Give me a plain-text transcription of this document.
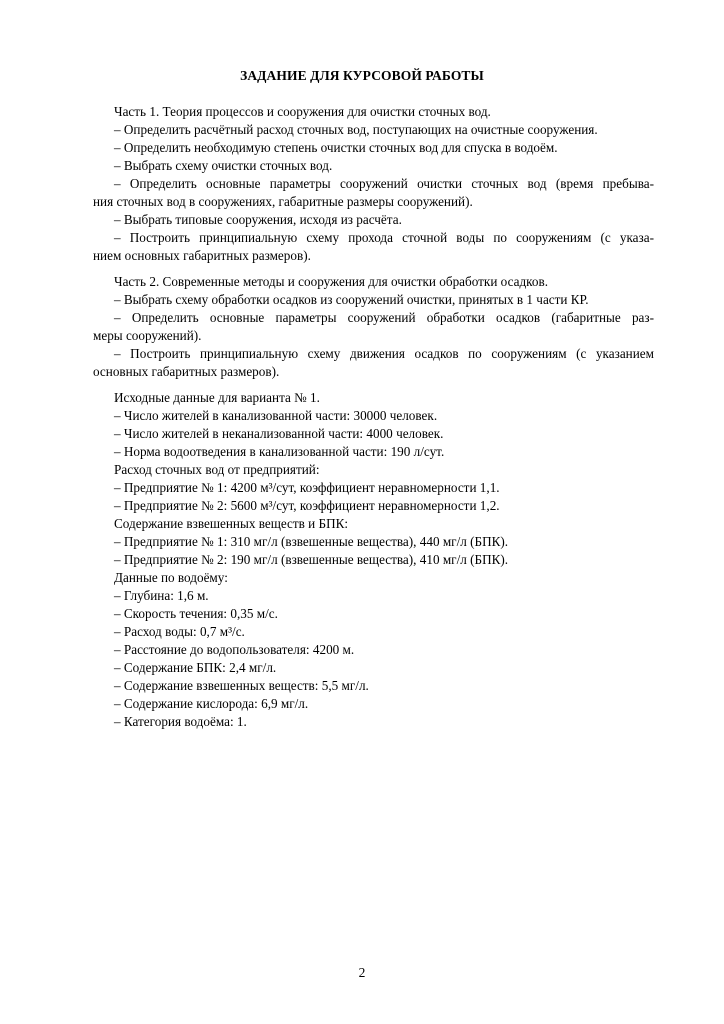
ЗАДАНИЕ ДЛЯ КУРСОВОЙ РАБОТЫ
Часть 1. Теория процессов и сооружения для очистки сточных вод.
– Определить расчётный расход сточных вод, поступающих на очистные сооружения.
– Определить необходимую степень очистки сточных вод для спуска в водоём.
– Выбрать схему очистки сточных вод.
– Определить основные параметры сооружений очистки сточных вод (время пребыва-
ния сточных вод в сооружениях, габаритные размеры сооружений).
– Выбрать типовые сооружения, исходя из расчёта.
– Построить принципиальную схему прохода сточной воды по сооружениям (с указа-
нием основных габаритных размеров).
Часть 2. Современные методы и сооружения для очистки обработки осадков.
– Выбрать схему обработки осадков из сооружений очистки, принятых в 1 части КР.
– Определить основные параметры сооружений обработки осадков (габаритные раз-
меры сооружений).
– Построить принципиальную схему движения осадков по сооружениям (с указанием
основных габаритных размеров).
Исходные данные для варианта № 1.
– Число жителей в канализованной части: 30000 человек.
– Число жителей в неканализованной части: 4000 человек.
– Норма водоотведения в канализованной части: 190 л/сут.
Расход сточных вод от предприятий:
– Предприятие № 1: 4200 м³/сут, коэффициент неравномерности 1,1.
– Предприятие № 2: 5600 м³/сут, коэффициент неравномерности 1,2.
Содержание взвешенных веществ и БПК:
– Предприятие № 1: 310 мг/л (взвешенные вещества), 440 мг/л (БПК).
– Предприятие № 2: 190 мг/л (взвешенные вещества), 410 мг/л (БПК).
Данные по водоёму:
– Глубина: 1,6 м.
– Скорость течения: 0,35 м/с.
– Расход воды: 0,7 м³/с.
– Расстояние до водопользователя: 4200 м.
– Содержание БПК: 2,4 мг/л.
– Содержание взвешенных веществ: 5,5 мг/л.
– Содержание кислорода: 6,9 мг/л.
– Категория водоёма: 1.
2
